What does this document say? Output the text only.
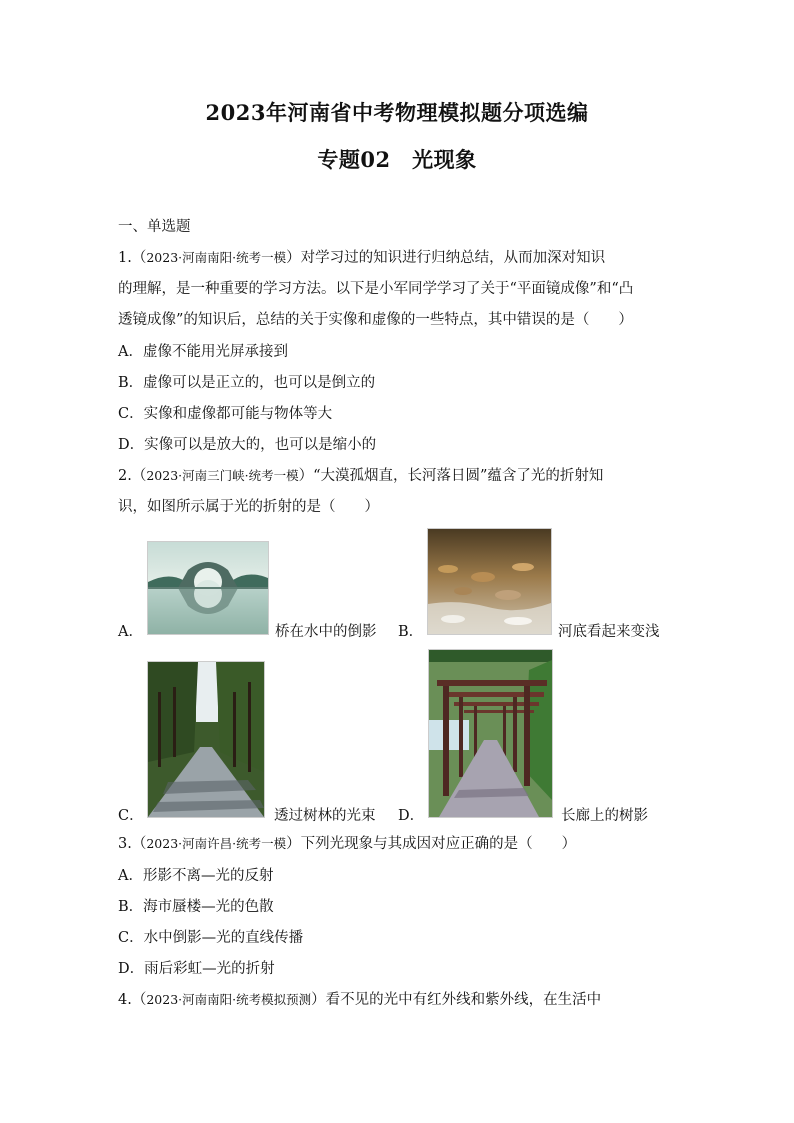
2023年河南省中考物理模拟题分项选编
专题02　光现象
一、单选题
1.（2023·河南南阳·统考一模）对学习过的知识进行归纳总结，从而加深对知识
的理解，是一种重要的学习方法。以下是小军同学学习了关于“平面镜成像”和“凸
透镜成像”的知识后，总结的关于实像和虚像的一些特点，其中错误的是（　　）
A．虚像不能用光屏承接到
B．虚像可以是正立的，也可以是倒立的
C．实像和虚像都可能与物体等大
D．实像可以是放大的，也可以是缩小的
2.（2023·河南三门峡·统考一模）“大漠孤烟直，长河落日圆”蕴含了光的折射知
识，如图所示属于光的折射的是（　　）
A．	桥在水中的倒影 B．	河底看起来变浅
C．	透过树林的光束 D．	长廊上的树影
3.（2023·河南许昌·统考一模）下列光现象与其成因对应正确的是（　　）
A．形影不离—光的反射
B．海市蜃楼—光的色散
C．水中倒影—光的直线传播
D．雨后彩虹—光的折射
4.（2023·河南南阳·统考模拟预测）看不见的光中有红外线和紫外线，在生活中
